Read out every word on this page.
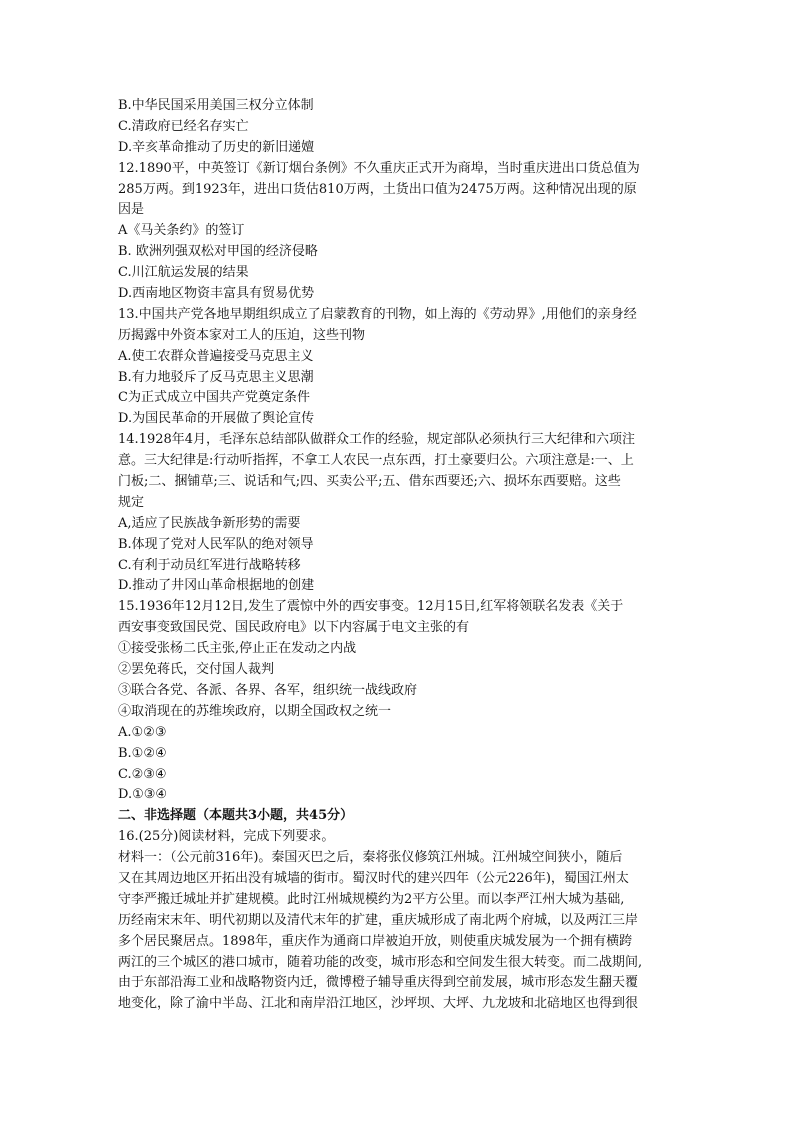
B.中华民国采用美国三权分立体制
C.清政府已经名存实亡
D.辛亥革命推动了历史的新旧递嬗
12.1890平，中英签订《新订烟台条例》不久重庆正式开为商埠，当时重庆进出口货总值为
285万两。到1923年，进出口货估810万两，土货出口值为2475万两。这种情况出现的原
因是
A《马关条约》的签订
B. 欧洲列强双松对甲国的经济侵略
C.川江航运发展的结果
D.西南地区物资丰富具有贸易优势
13.中国共产党各地早期组织成立了启蒙教育的刊物，如上海的《劳动界》,用他们的亲身经
历揭露中外资本家对工人的压迫，这些刊物
A.使工农群众普遍接受马克思主义
B.有力地驳斥了反马克思主义思潮
C为正式成立中国共产党奠定条件
D.为国民革命的开展做了舆论宣传
14.1928年4月，毛泽东总结部队做群众工作的经验，规定部队必须执行三大纪律和六项注
意。三大纪律是:行动听指挥，不拿工人农民一点东西，打土豪要归公。六项注意是:一、上
门板;二、捆铺草;三、说话和气;四、买卖公平;五、借东西要还;六、损坏东西要赔。这些
规定
A,适应了民族战争新形势的需要
B.体现了党对人民军队的绝对领导
C.有利于动员红军进行战略转移
D.推动了井冈山革命根据地的创建
15.1936年12月12日,发生了震惊中外的西安事变。12月15日,红军将领联名发表《关于
西安事变致国民党、国民政府电》以下内容属于电文主张的有
①接受张杨二氏主张,停止正在发动之内战
②罢免蒋氏，交付国人裁判
③联合各党、各派、各界、各军，组织统一战线政府
④取消现在的苏维埃政府，以期全国政权之统一
A.①②③
B.①②④
C.②③④
D.①③④
二、非选择题（本题共3小题，共45分）
16.(25分)阅读材料，完成下列要求。
材料一：（公元前316年)。秦国灭巴之后，秦将张仪修筑江州城。江州城空间狭小，随后
又在其周边地区开拓出没有城墙的街市。蜀汉时代的建兴四年（公元226年)，蜀国江州太
守李严搬迁城址并扩建规模。此时江州城规模约为2平方公里。而以李严江州大城为基础,
历经南宋末年、明代初期以及清代末年的扩建，重庆城形成了南北两个府城，以及两江三岸
多个居民聚居点。1898年，重庆作为通商口岸被迫开放，则使重庆城发展为一个拥有横跨
两江的三个城区的港口城市，随着功能的改变，城市形态和空间发生很大转变。而二战期间,
由于东部沿海工业和战略物资内迁，微博橙子辅导重庆得到空前发展，城市形态发生翻天覆
地变化，除了渝中半岛、江北和南岸沿江地区，沙坪坝、大坪、九龙坡和北碚地区也得到很
